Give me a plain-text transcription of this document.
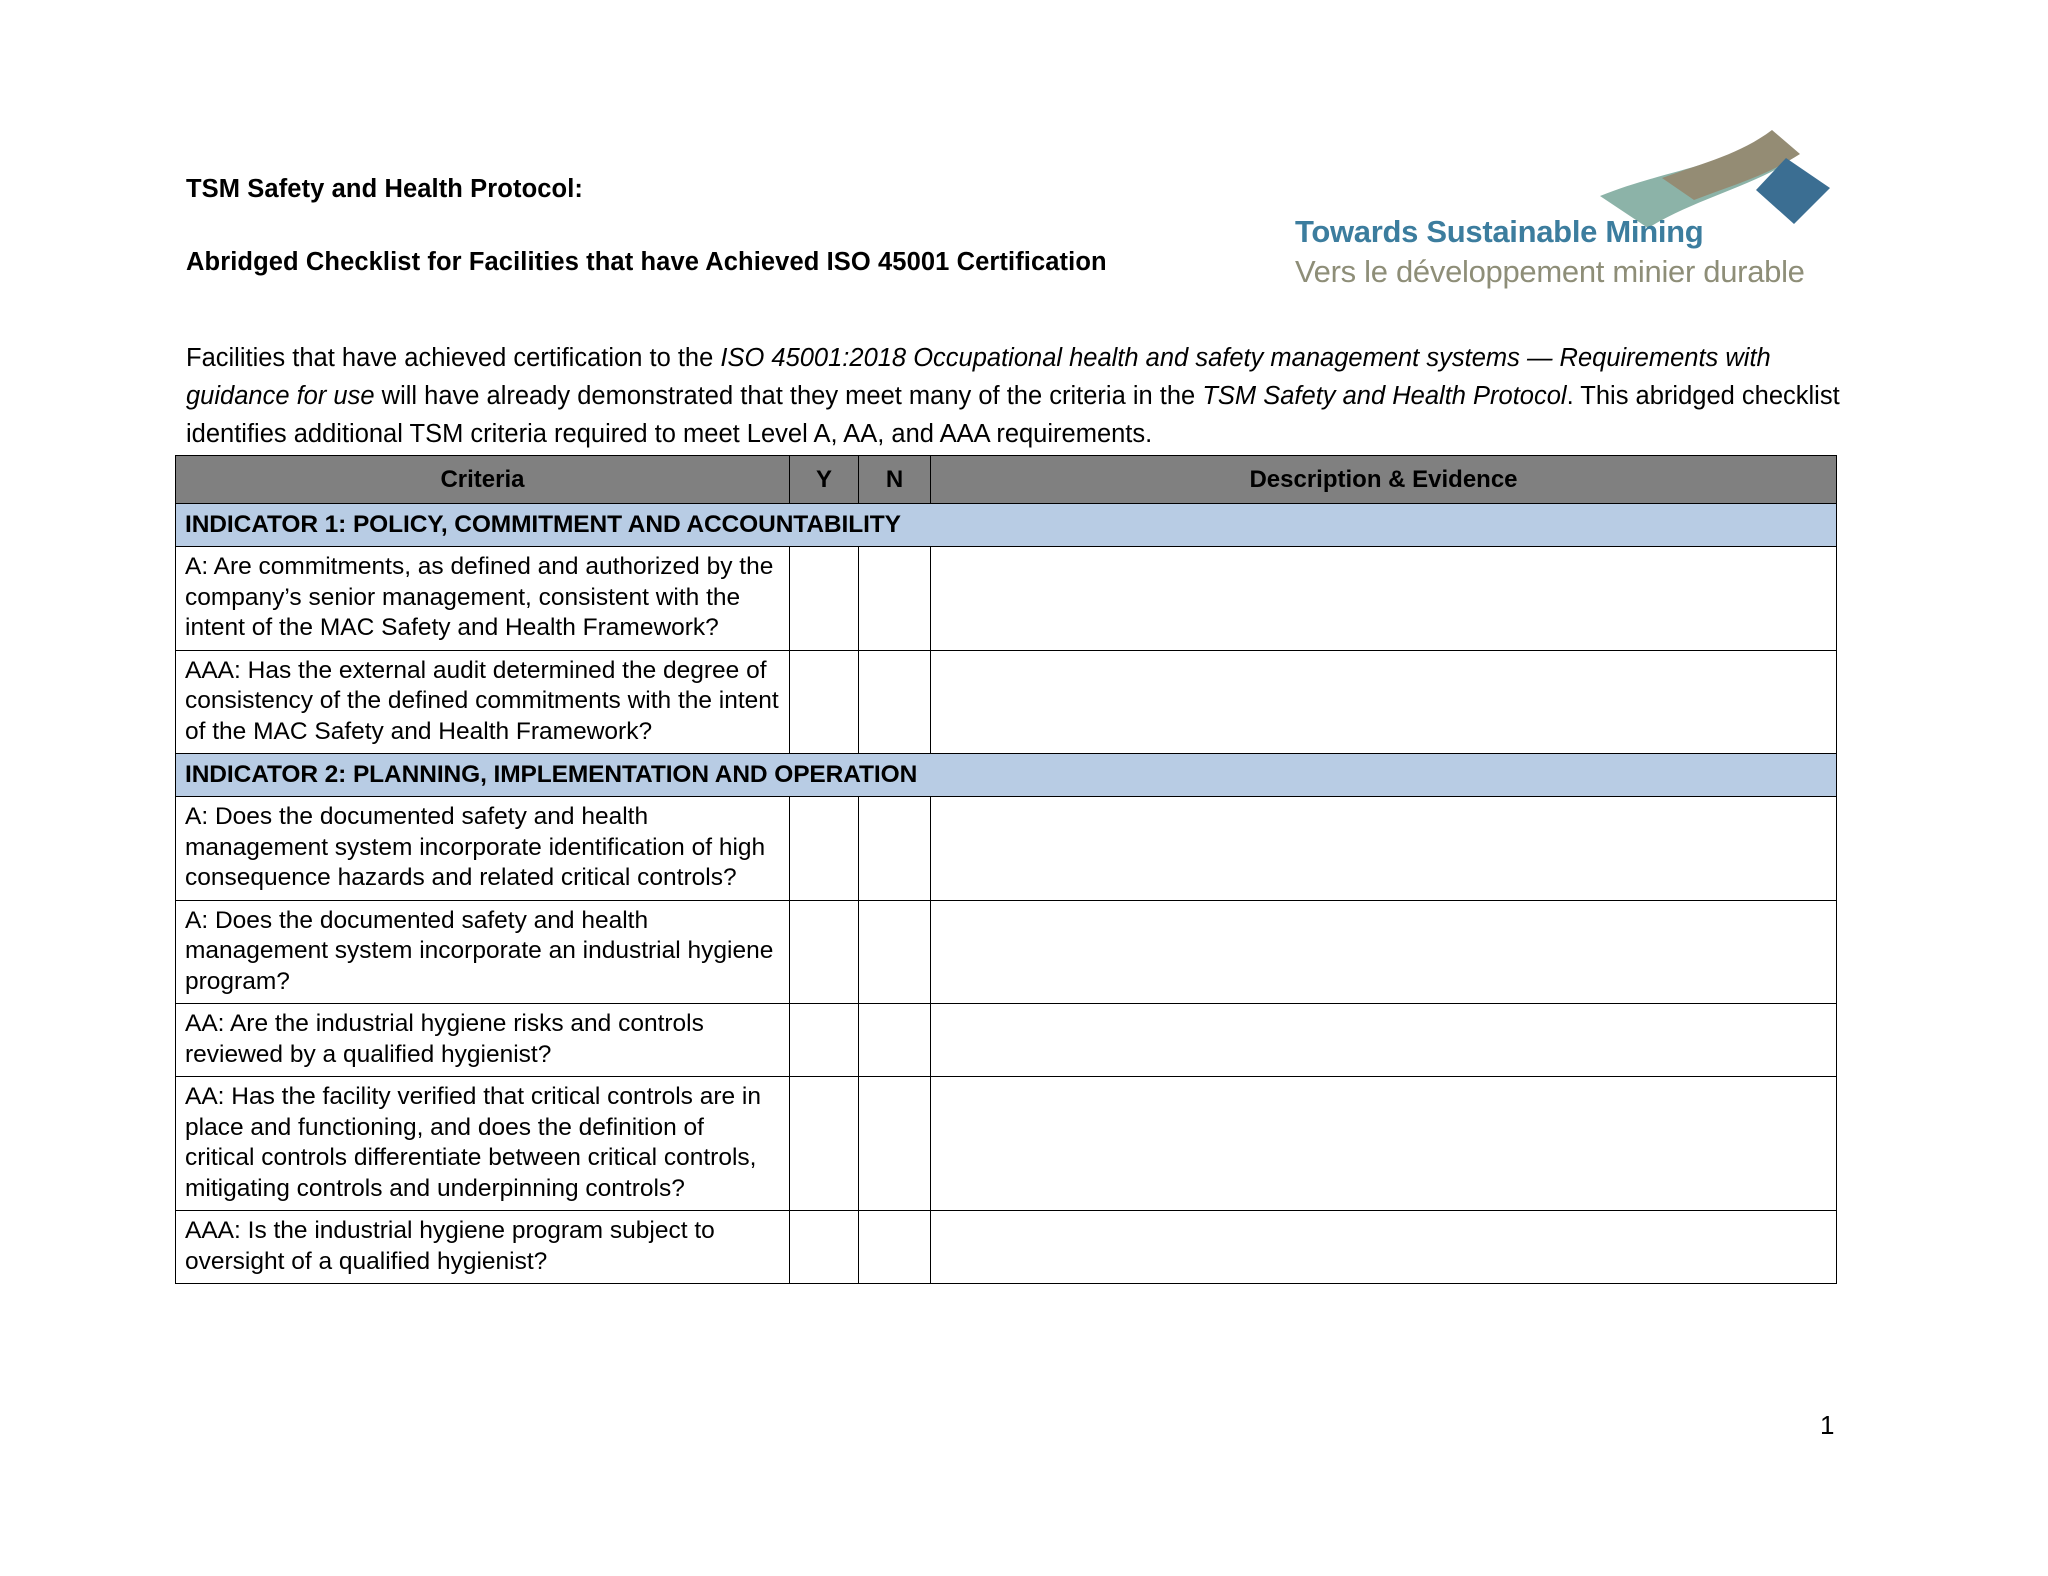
TSM Safety and Health Protocol:
Abridged Checklist for Facilities that have Achieved ISO 45001 Certification
Towards Sustainable Mining
Vers le développement minier durable

Facilities that have achieved certification to the ISO 45001:2018 Occupational health and safety management systems — Requirements with guidance for use will have already demonstrated that they meet many of the criteria in the TSM Safety and Health Protocol. This abridged checklist identifies additional TSM criteria required to meet Level A, AA, and AAA requirements.

Criteria	Y	N	Description & Evidence
INDICATOR 1: POLICY, COMMITMENT AND ACCOUNTABILITY			
A: Are commitments, as defined and authorized by the company’s senior management, consistent with the intent of the MAC Safety and Health Framework?			
AAA: Has the external audit determined the degree of consistency of the defined commitments with the intent of the MAC Safety and Health Framework?			
INDICATOR 2: PLANNING, IMPLEMENTATION AND OPERATION			
A: Does the documented safety and health management system incorporate identification of high consequence hazards and related critical controls?			
A: Does the documented safety and health management system incorporate an industrial hygiene program?			
AA: Are the industrial hygiene risks and controls reviewed by a qualified hygienist?			
AA: Has the facility verified that critical controls are in place and functioning, and does the definition of critical controls differentiate between critical controls, mitigating controls and underpinning controls?			
AAA: Is the industrial hygiene program subject to oversight of a qualified hygienist?			
1
